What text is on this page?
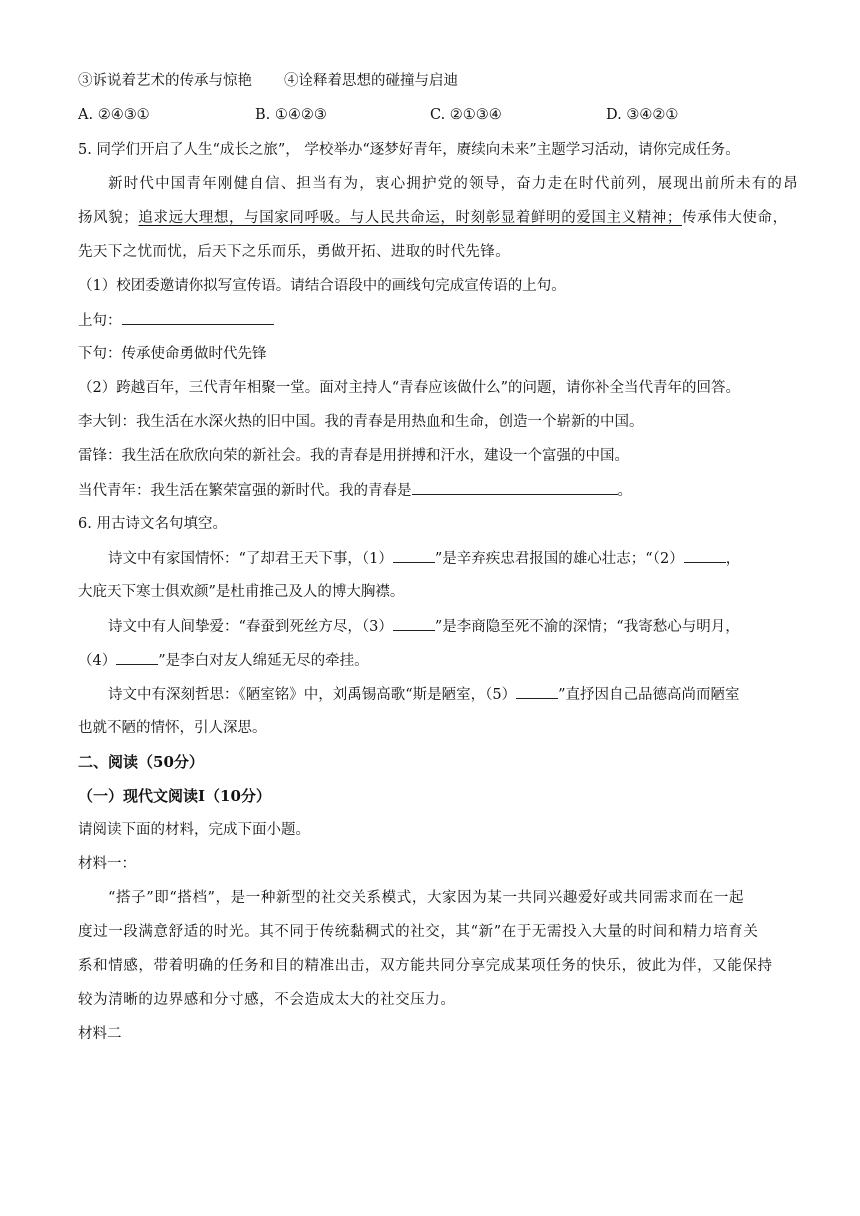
③诉说着艺术的传承与惊艳 ④诠释着思想的碰撞与启迪
A. ②④③①	B. ①④②③	C. ②①③④	D. ③④②①
5. 同学们开启了人生“成长之旅”， 学校举办“逐梦好青年，赓续向未来”主题学习活动，请你完成任务。
新时代中国青年刚健自信、担当有为，衷心拥护党的领导，奋力走在时代前列，展现出前所未有的昂
扬风貌；追求远大理想，与国家同呼吸。与人民共命运，时刻彰显着鲜明的爱国主义精神；传承伟大使命，
先天下之忧而忧，后天下之乐而乐，勇做开拓、进取的时代先锋。
（1）校团委邀请你拟写宣传语。请结合语段中的画线句完成宣传语的上句。
上句：
下句：传承使命勇做时代先锋
（2）跨越百年，三代青年相聚一堂。面对主持人“青春应该做什么”的问题，请你补全当代青年的回答。
李大钊：我生活在水深火热的旧中国。我的青春是用热血和生命，创造一个崭新的中国。
雷锋：我生活在欣欣向荣的新社会。我的青春是用拼搏和汗水，建设一个富强的中国。
当代青年：我生活在繁荣富强的新时代。我的青春是	。
6. 用古诗文名句填空。
诗文中有家国情怀：“了却君王天下事，（1）	”是辛弃疾忠君报国的雄心壮志；“（2）	，
大庇天下寒士俱欢颜”是杜甫推己及人的博大胸襟。
诗文中有人间挚爱：“春蚕到死丝方尽，（3）	”是李商隐至死不渝的深情；“我寄愁心与明月，
（4）	”是李白对友人绵延无尽的牵挂。
诗文中有深刻哲思：《陋室铭》中，刘禹锡高歌“斯是陋室，（5）	”直抒因自己品德高尚而陋室
也就不陋的情怀，引人深思。
二、阅读（50分）
（一）现代文阅读Ⅰ（10分）
请阅读下面的材料，完成下面小题。
材料一：
“搭子”即“搭档”，是一种新型的社交关系模式，大家因为某一共同兴趣爱好或共同需求而在一起
度过一段满意舒适的时光。其不同于传统黏稠式的社交，其“新”在于无需投入大量的时间和精力培育关
系和情感，带着明确的任务和目的精准出击，双方能共同分享完成某项任务的快乐，彼此为伴，又能保持
较为清晰的边界感和分寸感，不会造成太大的社交压力。
材料二
